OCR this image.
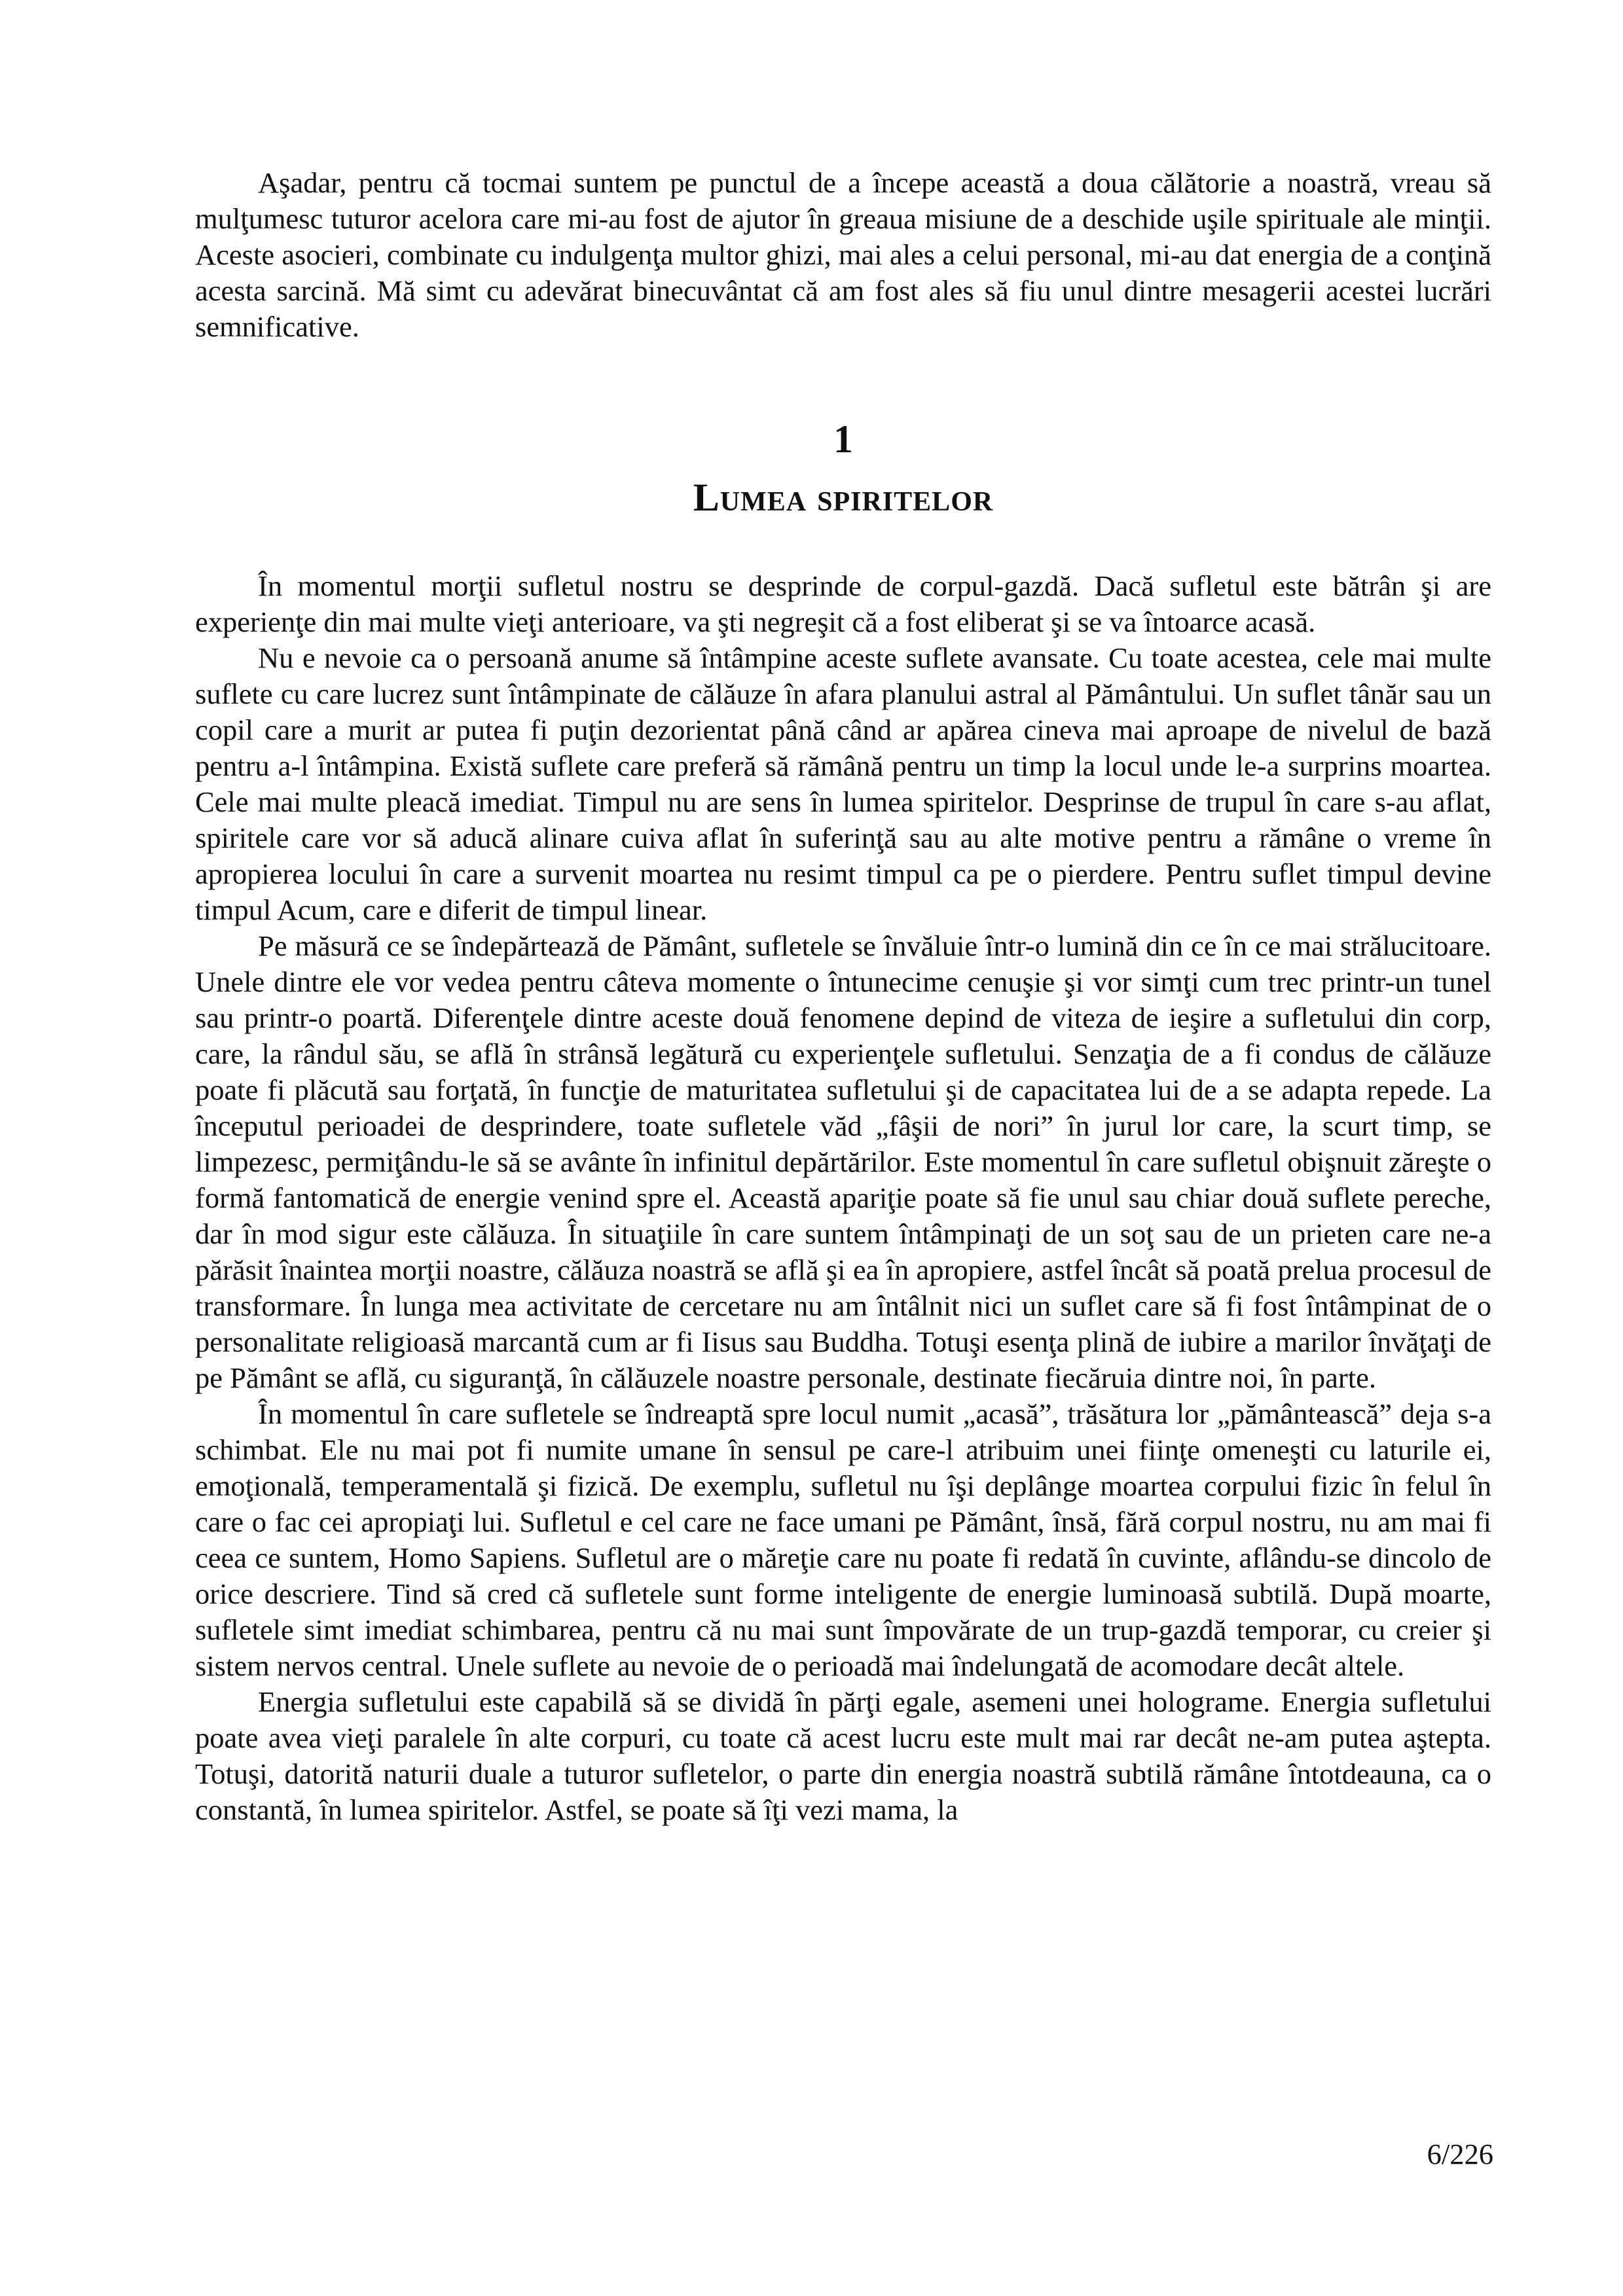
Aşadar, pentru că tocmai suntem pe punctul de a începe această a doua călătorie a noastră, vreau să mulţumesc tuturor acelora care mi-au fost de ajutor în greaua misiune de a deschide uşile spirituale ale minţii. Aceste asocieri, combinate cu indulgenţa multor ghizi, mai ales a celui personal, mi-au dat energia de a conţină acesta sarcină. Mă simt cu adevărat binecuvântat că am fost ales să fiu unul dintre mesagerii acestei lucrări semnificative.

1
Lumea spiritelor

În momentul morţii sufletul nostru se desprinde de corpul-gazdă. Dacă sufletul este bătrân şi are experienţe din mai multe vieţi anterioare, va şti negreşit că a fost eliberat şi se va întoarce acasă.

Nu e nevoie ca o persoană anume să întâmpine aceste suflete avansate. Cu toate acestea, cele mai multe suflete cu care lucrez sunt întâmpinate de călăuze în afara planului astral al Pământului. Un suflet tânăr sau un copil care a murit ar putea fi puţin dezorientat până când ar apărea cineva mai aproape de nivelul de bază pentru a-l întâmpina. Există suflete care preferă să rămână pentru un timp la locul unde le-a surprins moartea. Cele mai multe pleacă imediat. Timpul nu are sens în lumea spiritelor. Desprinse de trupul în care s-au aflat, spiritele care vor să aducă alinare cuiva aflat în suferinţă sau au alte motive pentru a rămâne o vreme în apropierea locului în care a survenit moartea nu resimt timpul ca pe o pierdere. Pentru suflet timpul devine timpul Acum, care e diferit de timpul linear.

Pe măsură ce se îndepărtează de Pământ, sufletele se învăluie într-o lumină din ce în ce mai strălucitoare. Unele dintre ele vor vedea pentru câteva momente o întunecime cenuşie şi vor simţi cum trec printr-un tunel sau printr-o poartă. Diferenţele dintre aceste două fenomene depind de viteza de ieşire a sufletului din corp, care, la rândul său, se află în strânsă legătură cu experienţele sufletului. Senzaţia de a fi condus de călăuze poate fi plăcută sau forţată, în funcţie de maturitatea sufletului şi de capacitatea lui de a se adapta repede. La începutul perioadei de desprindere, toate sufletele văd „fâşii de nori” în jurul lor care, la scurt timp, se limpezesc, permiţându-le să se avânte în infinitul depărtărilor. Este momentul în care sufletul obişnuit zăreşte o formă fantomatică de energie venind spre el. Această apariţie poate să fie unul sau chiar două suflete pereche, dar în mod sigur este călăuza. În situaţiile în care suntem întâmpinaţi de un soţ sau de un prieten care ne-a părăsit înaintea morţii noastre, călăuza noastră se află şi ea în apropiere, astfel încât să poată prelua procesul de transformare. În lunga mea activitate de cercetare nu am întâlnit nici un suflet care să fi fost întâmpinat de o personalitate religioasă marcantă cum ar fi Iisus sau Buddha. Totuşi esenţa plină de iubire a marilor învăţaţi de pe Pământ se află, cu siguranţă, în călăuzele noastre personale, destinate fiecăruia dintre noi, în parte.

În momentul în care sufletele se îndreaptă spre locul numit „acasă”, trăsătura lor „pământească” deja s-a schimbat. Ele nu mai pot fi numite umane în sensul pe care-l atribuim unei fiinţe omeneşti cu laturile ei, emoţională, temperamentală şi fizică. De exemplu, sufletul nu îşi deplânge moartea corpului fizic în felul în care o fac cei apropiaţi lui. Sufletul e cel care ne face umani pe Pământ, însă, fără corpul nostru, nu am mai fi ceea ce suntem, Homo Sapiens. Sufletul are o măreţie care nu poate fi redată în cuvinte, aflându-se dincolo de orice descriere. Tind să cred că sufletele sunt forme inteligente de energie luminoasă subtilă. După moarte, sufletele simt imediat schimbarea, pentru că nu mai sunt împovărate de un trup-gazdă temporar, cu creier şi sistem nervos central. Unele suflete au nevoie de o perioadă mai îndelungată de acomodare decât altele.

Energia sufletului este capabilă să se dividă în părţi egale, asemeni unei holograme. Energia sufletului poate avea vieţi paralele în alte corpuri, cu toate că acest lucru este mult mai rar decât ne-am putea aştepta. Totuşi, datorită naturii duale a tuturor sufletelor, o parte din energia noastră subtilă rămâne întotdeauna, ca o constantă, în lumea spiritelor. Astfel, se poate să îţi vezi mama, la

6/226
